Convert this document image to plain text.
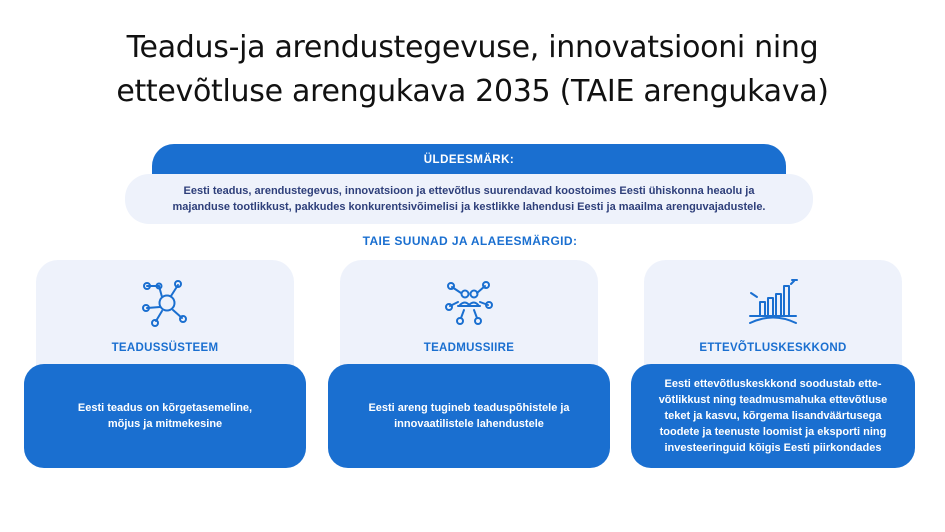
Teadus-ja arendustegevuse, innovatsiooni ning
ettevõtluse arengukava 2035 (TAIE arengukava)
ÜLDEESMÄRK:
Eesti teadus, arendustegevus, innovatsioon ja ettevõtlus suurendavad koostoimes Eesti ühiskonna heaolu ja
majanduse tootlikkust, pakkudes konkurentsivõimelisi ja kestlikke lahendusi Eesti ja maailma arenguvajadustele.
TAIE SUUNAD JA ALAEESMÄRGID:
TEADUSSÜSTEEM
Eesti teadus on kõrgetasemeline,
mõjus ja mitmekesine
TEADMUSSIIRE
Eesti areng tugineb teaduspõhistele ja
innovaatilistele lahendustele
ETTEVÕTLUSKESKKOND
Eesti ettevõtluskeskkond soodustab ette-
võtlikkust ning teadmusmahuka ettevõtluse
teket ja kasvu, kõrgema lisandväärtusega
toodete ja teenuste loomist ja eksporti ning
investeeringuid kõigis Eesti piirkondades
